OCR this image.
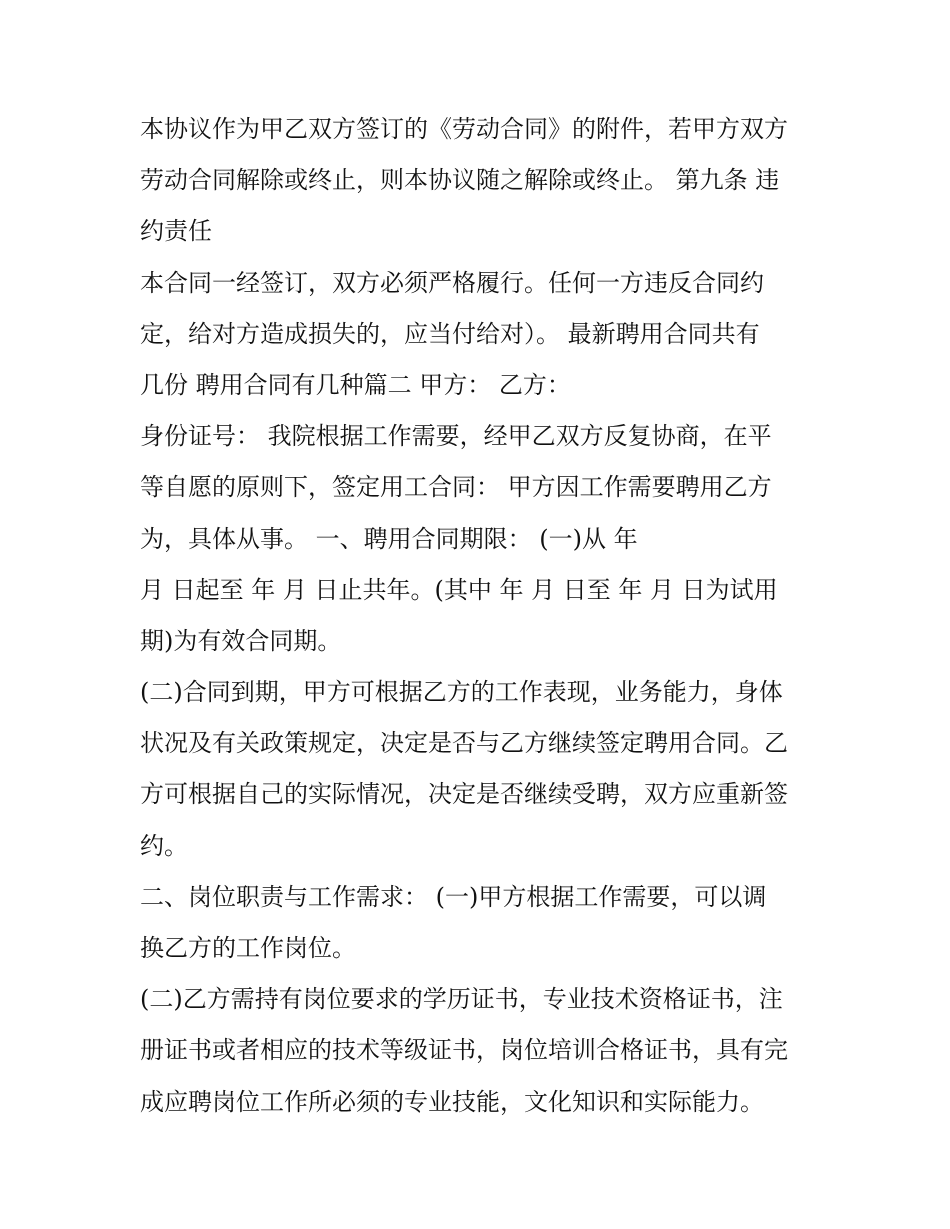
本协议作为甲乙双方签订的《劳动合同》的附件，若甲方双方
劳动合同解除或终止，则本协议随之解除或终止。 第九条 违
约责任
本合同一经签订，双方必须严格履行。任何一方违反合同约
定，给对方造成损失的，应当付给对）。 最新聘用合同共有
几份 聘用合同有几种篇二 甲方： 乙方：
身份证号： 我院根据工作需要，经甲乙双方反复协商，在平
等自愿的原则下，签定用工合同： 甲方因工作需要聘用乙方
为，具体从事。 一、聘用合同期限： (一)从 年
月 日起至 年 月 日止共年。(其中 年 月 日至 年 月 日为试用
期)为有效合同期。
(二)合同到期，甲方可根据乙方的工作表现，业务能力，身体
状况及有关政策规定，决定是否与乙方继续签定聘用合同。乙
方可根据自己的实际情况，决定是否继续受聘，双方应重新签
约。
二、岗位职责与工作需求： (一)甲方根据工作需要，可以调
换乙方的工作岗位。
(二)乙方需持有岗位要求的学历证书，专业技术资格证书，注
册证书或者相应的技术等级证书，岗位培训合格证书，具有完
成应聘岗位工作所必须的专业技能，文化知识和实际能力。
